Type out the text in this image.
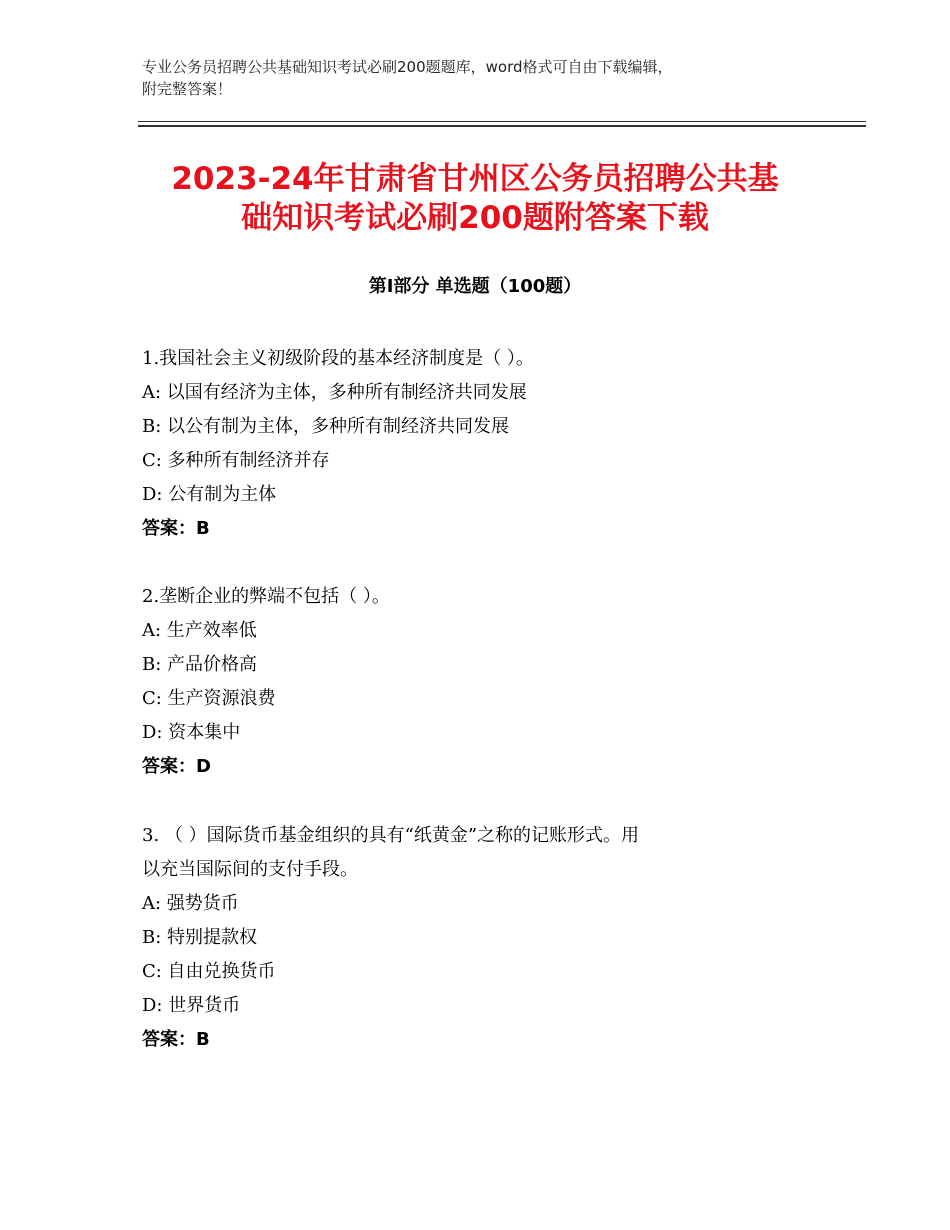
专业公务员招聘公共基础知识考试必刷200题题库，word格式可自由下载编辑，
附完整答案！
2023-24年甘肃省甘州区公务员招聘公共基
础知识考试必刷200题附答案下载
第Ⅰ部分 单选题（100题）
1.我国社会主义初级阶段的基本经济制度是（ ）。
A: 以国有经济为主体，多种所有制经济共同发展
B: 以公有制为主体，多种所有制经济共同发展
C: 多种所有制经济并存
D: 公有制为主体
答案：B
2.垄断企业的弊端不包括（ ）。
A: 生产效率低
B: 产品价格高
C: 生产资源浪费
D: 资本集中
答案：D
3. （ ）国际货币基金组织的具有“纸黄金”之称的记账形式。用
以充当国际间的支付手段。
A: 强势货币
B: 特别提款权
C: 自由兑换货币
D: 世界货币
答案：B
